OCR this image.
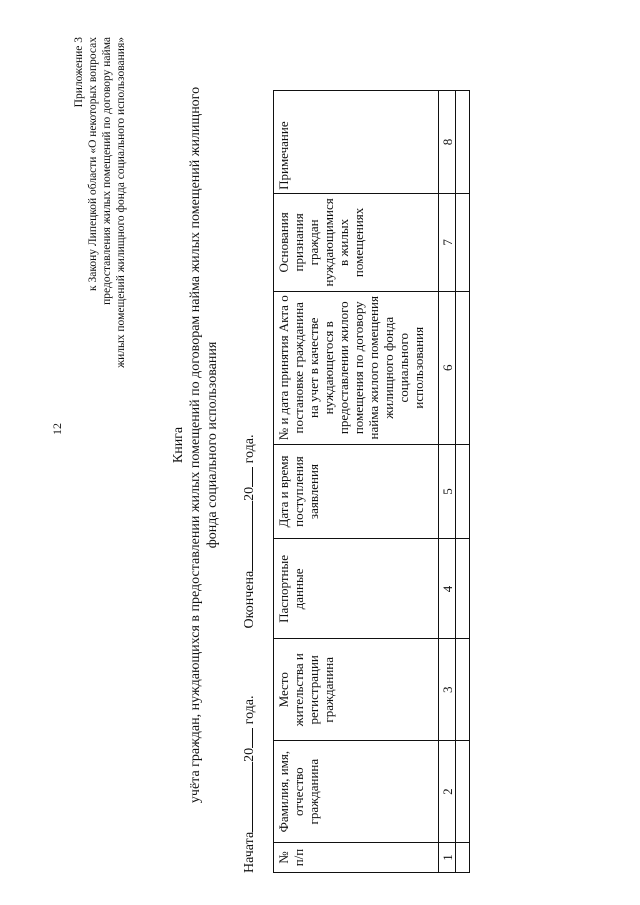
12
Приложение 3 к Закону Липецкой области «О некоторых вопросах предоставления жилых помещений по договору найма жилых помещений жилищного фонда социального использования»
Книга учёта граждан, нуждающихся в предоставлении жилых помещений по договорам найма жилых помещений жилищного фонда социального использования
Начата20 года.  Окончена20 года.
№ п/п	Фамилия, имя, отчество гражданина	Место жительства и регистрации гражданина	Паспортные данные	Дата и время поступления заявления	№ и дата принятия Акта о постановке гражданина на учет в качестве нуждающегося в предоставлении жилого помещения по договору найма жилого помещения жилищного фонда социального использования	Основания признания граждан нуждающимися в жилых помещениях	Примечание
1	2	3	4	5	6	7	8
